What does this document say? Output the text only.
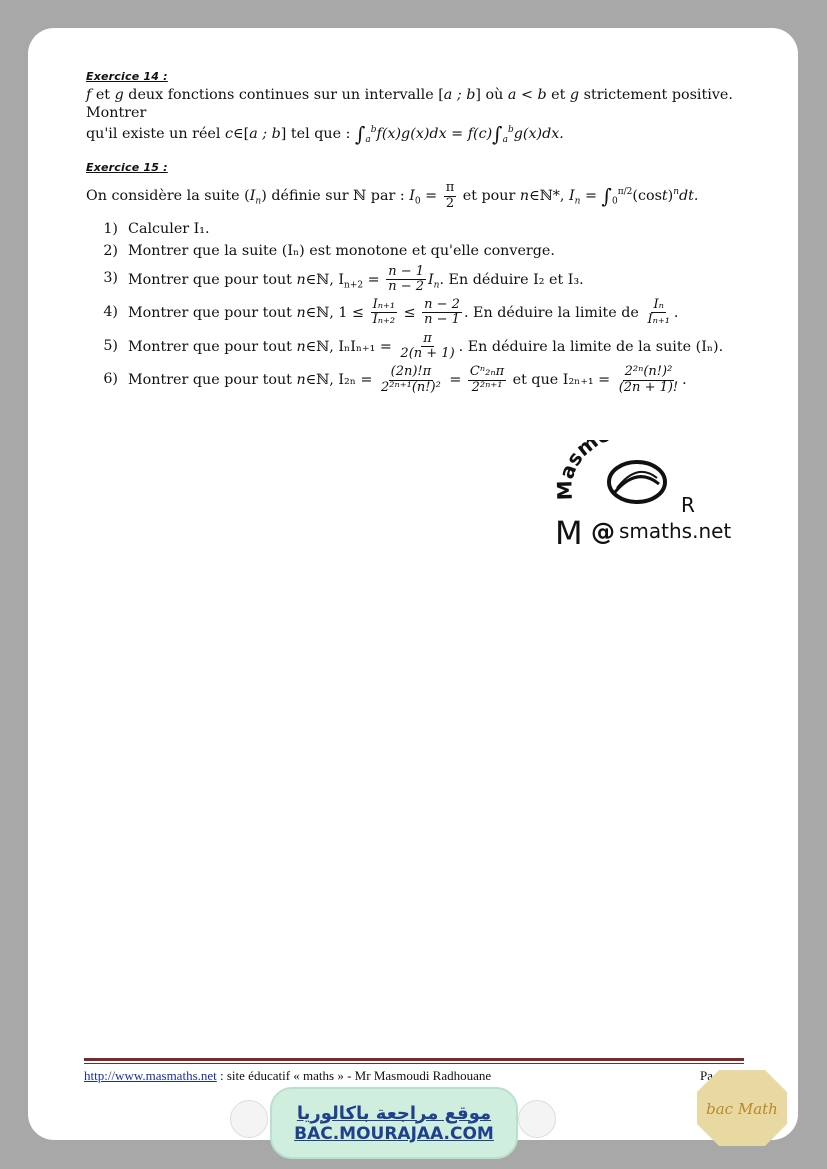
Exercice 14 :

f et g deux fonctions continues sur un intervalle [a ; b] où a < b et g strictement positive. Montrer

qu'il existe un réel c∈[a ; b] tel que : $\int_a^bf(x)g(x)dx = f(c)\int_a^bg(x)dx$.

Exercice 15 :

On considère la suite $(I_n)$ définie sur ℕ par : $I_0 = \frac{\pi}{2}$ et pour n∈ℕ*, $I_n = \int_0^{\pi/2}(\cos t)^ndt$.

1) Calculer I₁.
2) Montrer que la suite (Iₙ) est monotone et qu'elle converge.
3) Montrer que pour tout n∈ℕ, $I_{n+2} = \frac{n - 1}{n - 2} I_n$. En déduire I₂ et I₃.
4) Montrer que pour tout n∈ℕ, $1 \le \frac{\text{Iₙ₊₁}}{\text{Iₙ₊₂}} \le \frac{n - 2}{n - 1}$ . En déduire la limite de $\frac{\text{Iₙ}}{\text{Iₙ₊₁}}$ .
5) Montrer que pour tout n∈ℕ, $I_nI_{n+1} = \frac{\pi}{2(n + 1)}$ . En déduire la limite de la suite (Iₙ).
6) Montrer que pour tout n∈ℕ, $I_{2n} = \frac{(2n)!\pi}{\text{2²ⁿ⁺¹(n!)²}} = \frac{\text{Cⁿ₂ₙπ}}{\text{2²ⁿ⁺¹}}$ et que $I_{2n+1} = \frac{\text{2²ⁿ(n!)²}}{(2n + 1)!}$ .
asm
R
M @ smaths.net
http://www.masmaths.net : site éducatif « maths » - Mr Masmoudi Radhouane	Pa
موقع مراجعة باكالوريا
BAC.MOURAJAA.COM
bac Math
